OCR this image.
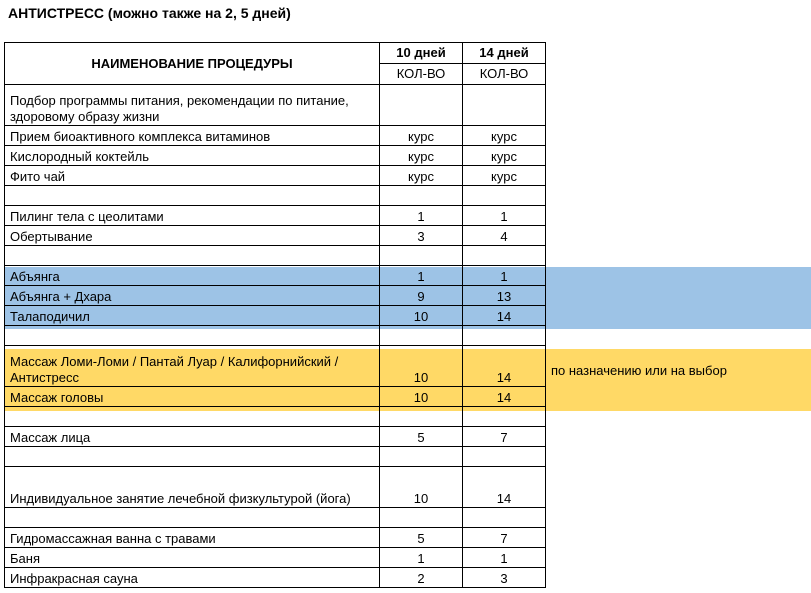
АНТИСТРЕСС (можно также на 2, 5 дней)
НАИМЕНОВАНИЕ ПРОЦЕДУРЫ	10 дней	14 дней
	КОЛ-ВО	КОЛ-ВО
Подбор программы питания, рекомендации по питание, здоровому образу жизни		
Прием биоактивного комплекса витаминов	курс	курс
Кислородный коктейль	курс	курс
Фито чай	курс	курс

Пилинг тела с цеолитами	1	1
Обертывание	3	4

Абъянга	1	1
Абъянга + Дхара	9	13
Талаподичил	10	14

Массаж Ломи-Ломи / Пантай Луар / Калифорнийский / Антистресс	10	14
Массаж головы	10	14

Массаж лица	5	7

Индивидуальное занятие лечебной физкультурой (йога)	10	14

Гидромассажная ванна с травами	5	7
Баня	1	1
Инфракрасная сауна	2	3
по назначению или на выбор
